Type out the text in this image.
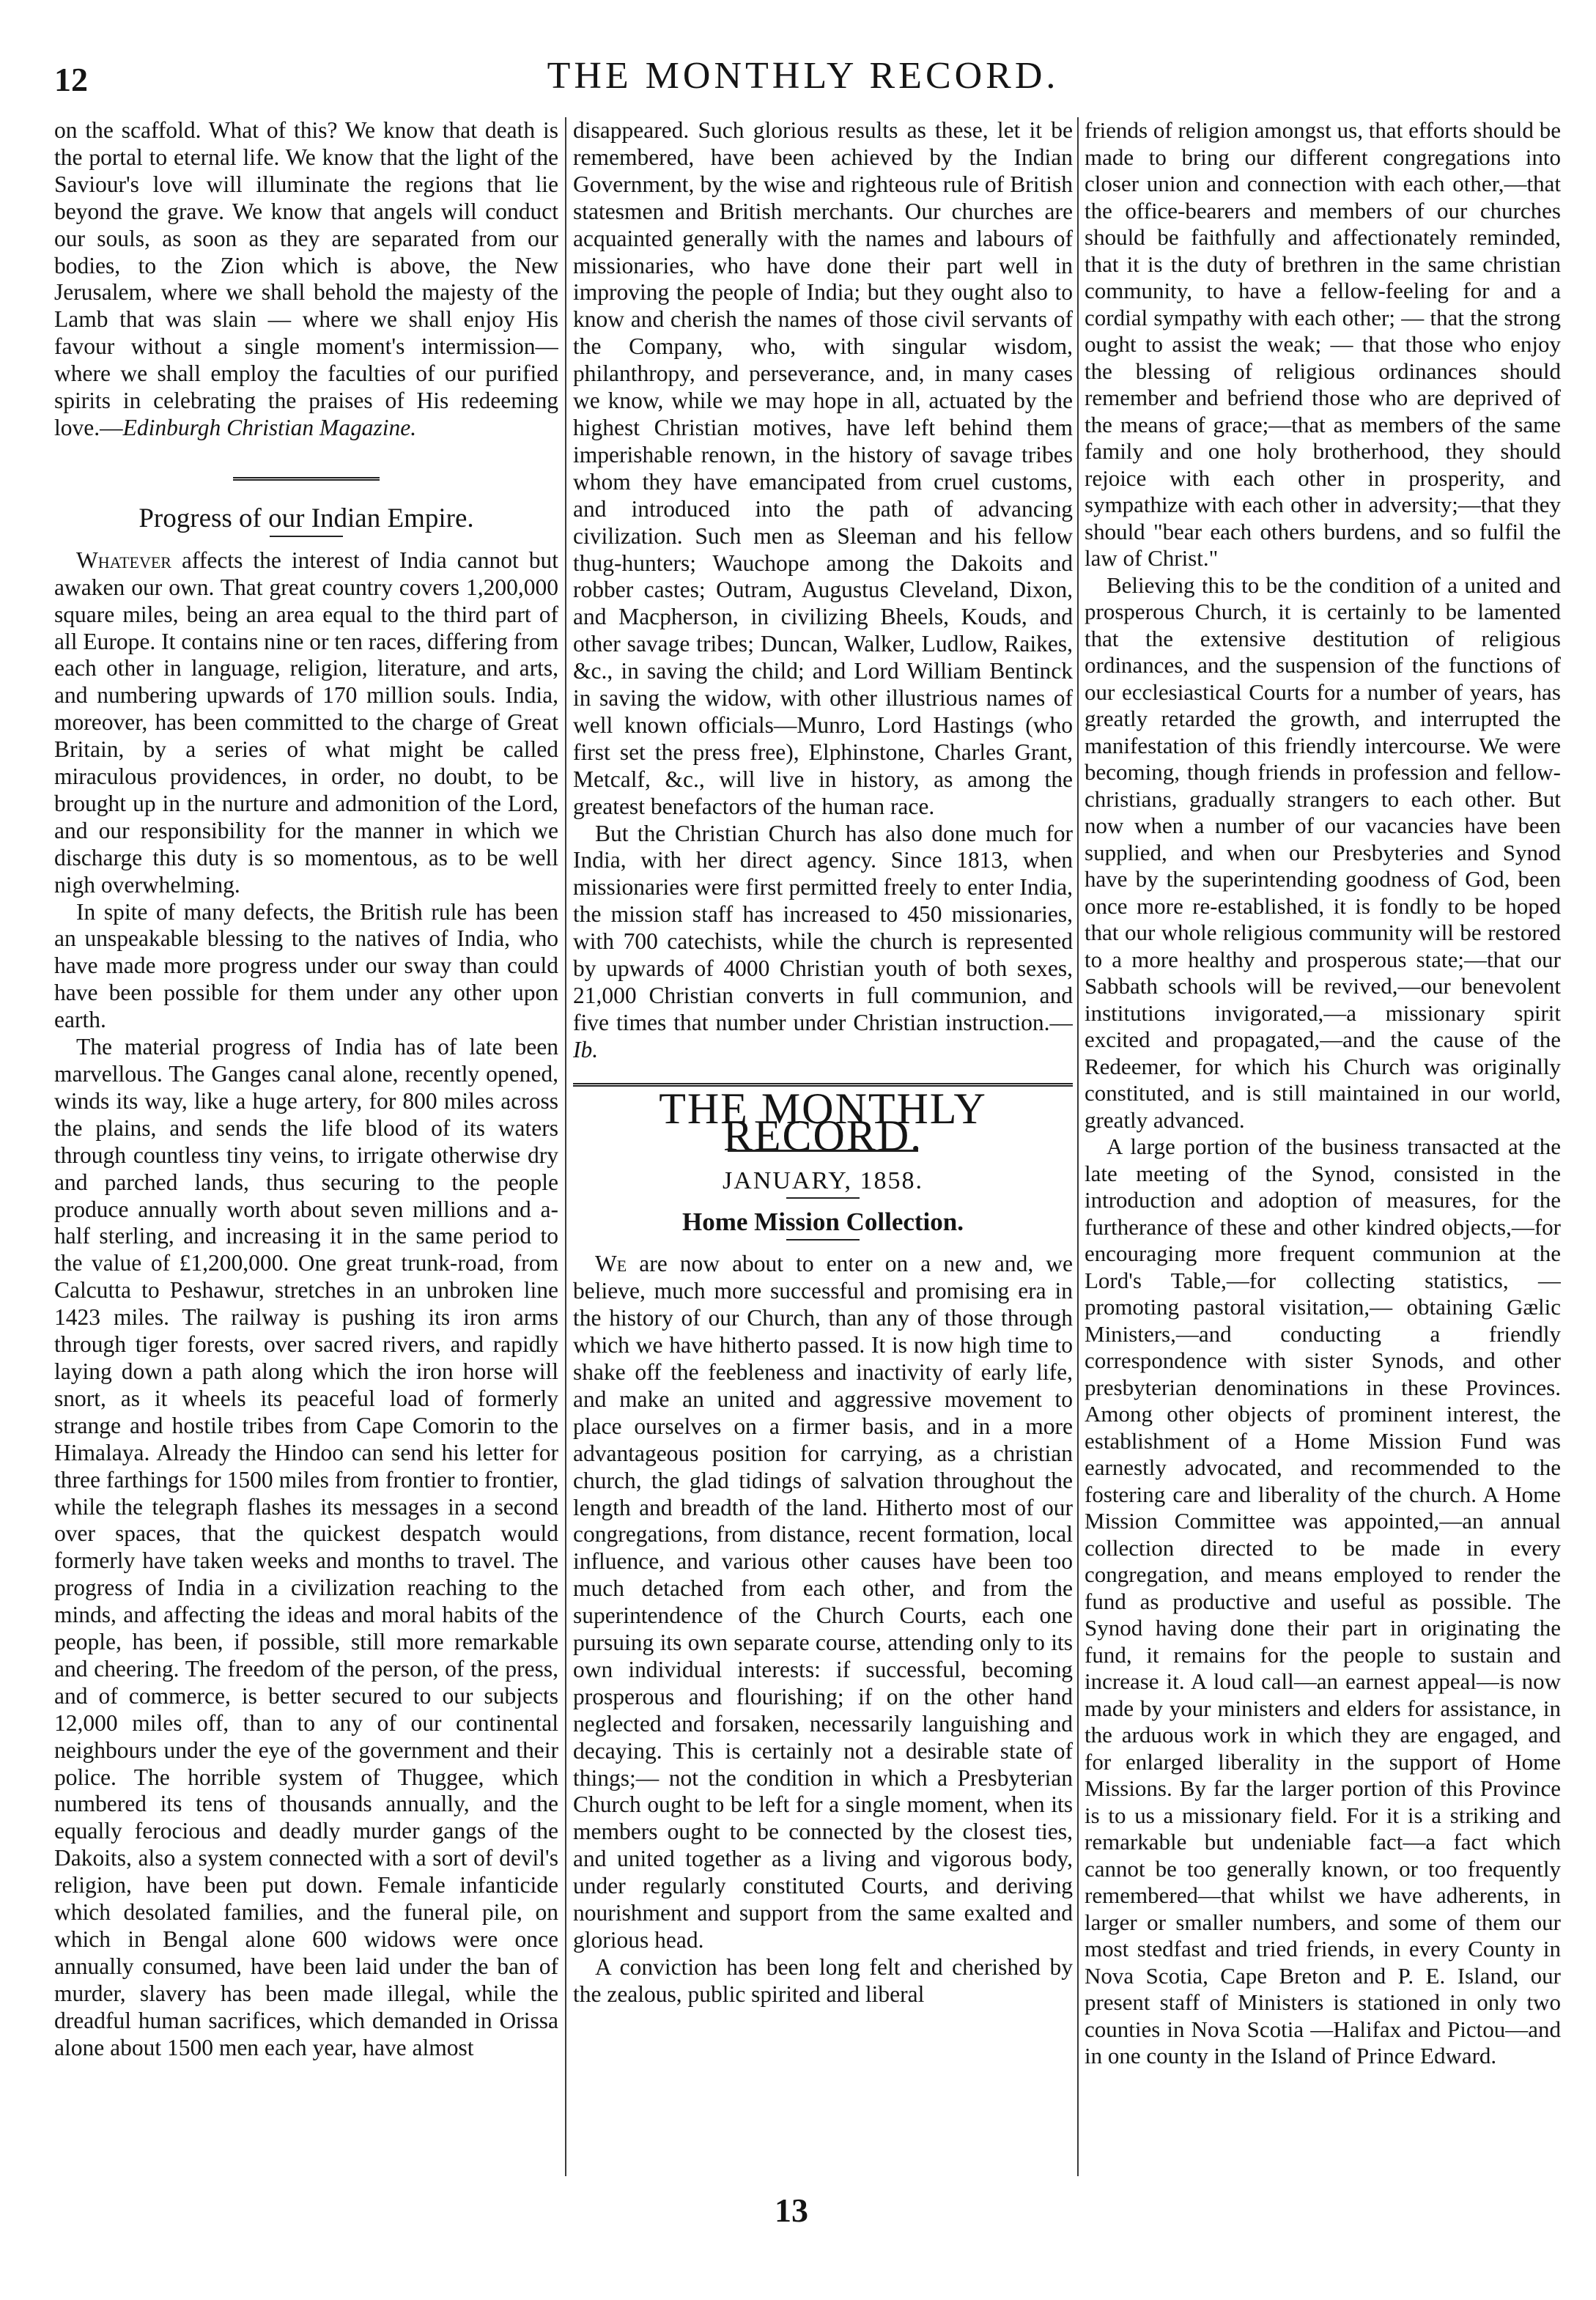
12	THE MONTHLY RECORD.

on the scaffold. What of this? We know that death is the portal to eternal life. We know that the light of the Saviour's love will illuminate the regions that lie beyond the grave. We know that angels will conduct our souls, as soon as they are separated from our bodies, to the Zion which is above, the New Jerusalem, where we shall behold the majesty of the Lamb that was slain — where we shall enjoy His favour without a single moment's intermission—where we shall employ the faculties of our purified spirits in celebrating the praises of His redeeming love.—Edinburgh Christian Magazine.

Progress of our Indian Empire.

Whatever affects the interest of India cannot but awaken our own. That great country covers 1,200,000 square miles, being an area equal to the third part of all Europe. It contains nine or ten races, differing from each other in language, religion, literature, and arts, and numbering upwards of 170 million souls. India, moreover, has been committed to the charge of Great Britain, by a series of what might be called miraculous providences, in order, no doubt, to be brought up in the nurture and admonition of the Lord, and our responsibility for the manner in which we discharge this duty is so momentous, as to be well nigh overwhelming.

In spite of many defects, the British rule has been an unspeakable blessing to the natives of India, who have made more progress under our sway than could have been possible for them under any other upon earth.

The material progress of India has of late been marvellous. The Ganges canal alone, recently opened, winds its way, like a huge artery, for 800 miles across the plains, and sends the life blood of its waters through countless tiny veins, to irrigate otherwise dry and parched lands, thus securing to the people produce annually worth about seven millions and a-half sterling, and increasing it in the same period to the value of £1,200,000. One great trunk-road, from Calcutta to Peshawur, stretches in an unbroken line 1423 miles. The railway is pushing its iron arms through tiger forests, over sacred rivers, and rapidly laying down a path along which the iron horse will snort, as it wheels its peaceful load of formerly strange and hostile tribes from Cape Comorin to the Himalaya. Already the Hindoo can send his letter for three farthings for 1500 miles from frontier to frontier, while the telegraph flashes its messages in a second over spaces, that the quickest despatch would formerly have taken weeks and months to travel. The progress of India in a civilization reaching to the minds, and affecting the ideas and moral habits of the people, has been, if possible, still more remarkable and cheering. The freedom of the person, of the press, and of commerce, is better secured to our subjects 12,000 miles off, than to any of our continental neighbours under the eye of the government and their police. The horrible system of Thuggee, which numbered its tens of thousands annually, and the equally ferocious and deadly murder gangs of the Dakoits, also a system connected with a sort of devil's religion, have been put down. Female infanticide which desolated families, and the funeral pile, on which in Bengal alone 600 widows were once annually consumed, have been laid under the ban of murder, slavery has been made illegal, while the dreadful human sacrifices, which demanded in Orissa alone about 1500 men each year, have almost

disappeared. Such glorious results as these, let it be remembered, have been achieved by the Indian Government, by the wise and righteous rule of British statesmen and British merchants. Our churches are acquainted generally with the names and labours of missionaries, who have done their part well in improving the people of India; but they ought also to know and cherish the names of those civil servants of the Company, who, with singular wisdom, philanthropy, and perseverance, and, in many cases we know, while we may hope in all, actuated by the highest Christian motives, have left behind them imperishable renown, in the history of savage tribes whom they have emancipated from cruel customs, and introduced into the path of advancing civilization. Such men as Sleeman and his fellow thug-hunters; Wauchope among the Dakoits and robber castes; Outram, Augustus Cleveland, Dixon, and Macpherson, in civilizing Bheels, Kouds, and other savage tribes; Duncan, Walker, Ludlow, Raikes, &c., in saving the child; and Lord William Bentinck in saving the widow, with other illustrious names of well known officials—Munro, Lord Hastings (who first set the press free), Elphinstone, Charles Grant, Metcalf, &c., will live in history, as among the greatest benefactors of the human race.

But the Christian Church has also done much for India, with her direct agency. Since 1813, when missionaries were first permitted freely to enter India, the mission staff has increased to 450 missionaries, with 700 catechists, while the church is represented by upwards of 4000 Christian youth of both sexes, 21,000 Christian converts in full communion, and five times that number under Christian instruction.—Ib.

THE MONTHLY RECORD.

JANUARY, 1858.

Home Mission Collection.

We are now about to enter on a new and, we believe, much more successful and promising era in the history of our Church, than any of those through which we have hitherto passed. It is now high time to shake off the feebleness and inactivity of early life, and make an united and aggressive movement to place ourselves on a firmer basis, and in a more advantageous position for carrying, as a christian church, the glad tidings of salvation throughout the length and breadth of the land. Hitherto most of our congregations, from distance, recent formation, local influence, and various other causes have been too much detached from each other, and from the superintendence of the Church Courts, each one pursuing its own separate course, attending only to its own individual interests: if successful, becoming prosperous and flourishing; if on the other hand neglected and forsaken, necessarily languishing and decaying. This is certainly not a desirable state of things;— not the condition in which a Presbyterian Church ought to be left for a single moment, when its members ought to be connected by the closest ties, and united together as a living and vigorous body, under regularly constituted Courts, and deriving nourishment and support from the same exalted and glorious head.

A conviction has been long felt and cherished by the zealous, public spirited and liberal

friends of religion amongst us, that efforts should be made to bring our different congregations into closer union and connection with each other,—that the office-bearers and members of our churches should be faithfully and affectionately reminded, that it is the duty of brethren in the same christian community, to have a fellow-feeling for and a cordial sympathy with each other; — that the strong ought to assist the weak; — that those who enjoy the blessing of religious ordinances should remember and befriend those who are deprived of the means of grace;—that as members of the same family and one holy brotherhood, they should rejoice with each other in prosperity, and sympathize with each other in adversity;—that they should "bear each others burdens, and so fulfil the law of Christ."

Believing this to be the condition of a united and prosperous Church, it is certainly to be lamented that the extensive destitution of religious ordinances, and the suspension of the functions of our ecclesiastical Courts for a number of years, has greatly retarded the growth, and interrupted the manifestation of this friendly intercourse. We were becoming, though friends in profession and fellow-christians, gradually strangers to each other. But now when a number of our vacancies have been supplied, and when our Presbyteries and Synod have by the superintending goodness of God, been once more re-established, it is fondly to be hoped that our whole religious community will be restored to a more healthy and prosperous state;—that our Sabbath schools will be revived,—our benevolent institutions invigorated,—a missionary spirit excited and propagated,—and the cause of the Redeemer, for which his Church was originally constituted, and is still maintained in our world, greatly advanced.

A large portion of the business transacted at the late meeting of the Synod, consisted in the introduction and adoption of measures, for the furtherance of these and other kindred objects,—for encouraging more frequent communion at the Lord's Table,—for collecting statistics, — promoting pastoral visitation,— obtaining Gælic Ministers,—and conducting a friendly correspondence with sister Synods, and other presbyterian denominations in these Provinces. Among other objects of prominent interest, the establishment of a Home Mission Fund was earnestly advocated, and recommended to the fostering care and liberality of the church. A Home Mission Committee was appointed,—an annual collection directed to be made in every congregation, and means employed to render the fund as productive and useful as possible. The Synod having done their part in originating the fund, it remains for the people to sustain and increase it. A loud call—an earnest appeal—is now made by your ministers and elders for assistance, in the arduous work in which they are engaged, and for enlarged liberality in the support of Home Missions. By far the larger portion of this Province is to us a missionary field. For it is a striking and remarkable but undeniable fact—a fact which cannot be too generally known, or too frequently remembered—that whilst we have adherents, in larger or smaller numbers, and some of them our most stedfast and tried friends, in every County in Nova Scotia, Cape Breton and P. E. Island, our present staff of Ministers is stationed in only two counties in Nova Scotia —Halifax and Pictou—and in one county in the Island of Prince Edward.

13
